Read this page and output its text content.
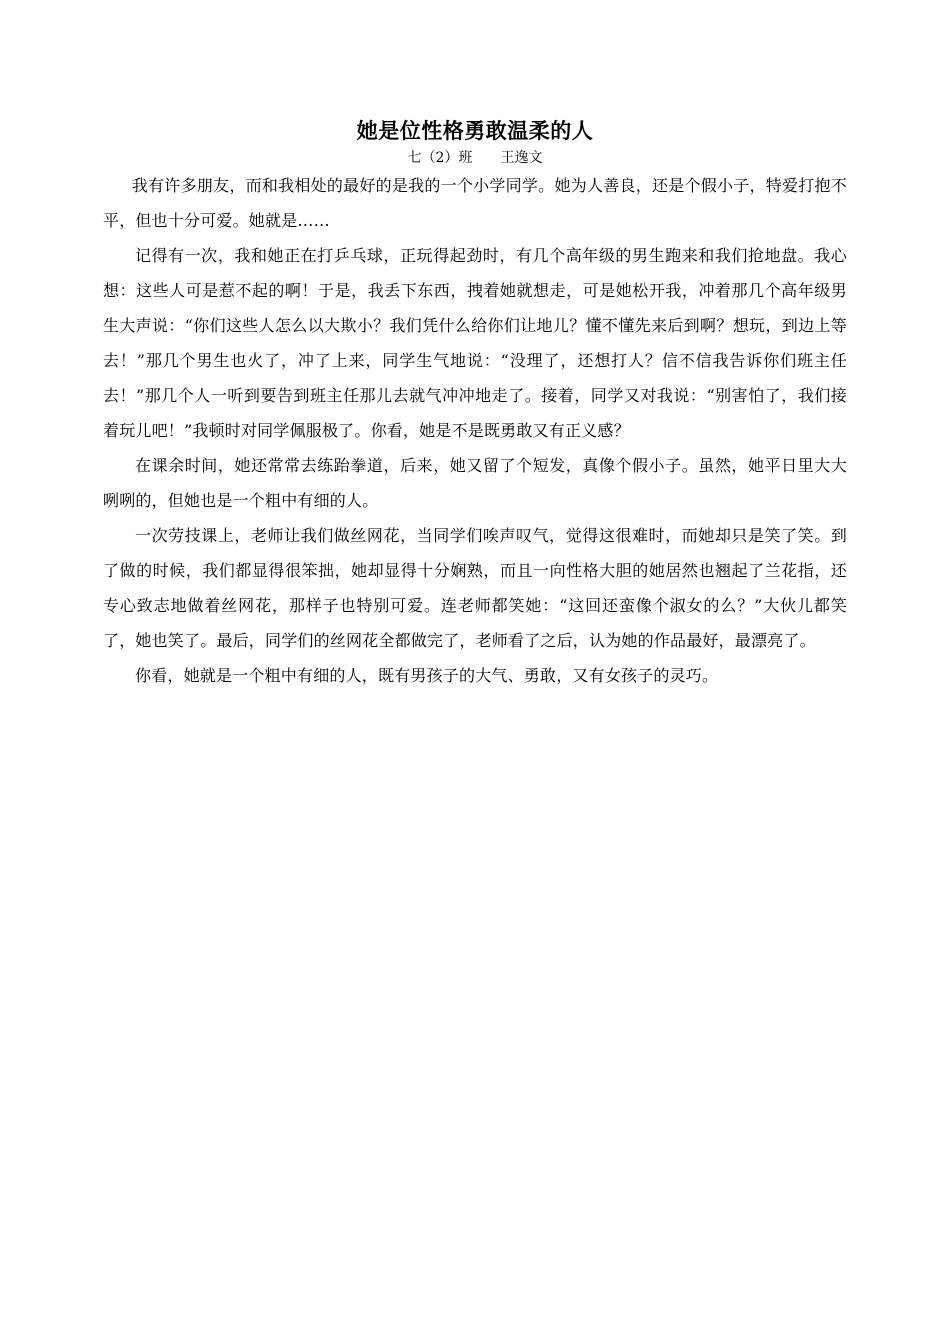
她是位性格勇敢温柔的人
七（2）班 王逸文

我有许多朋友，而和我相处的最好的是我的一个小学同学。她为人善良，还是个假小子，特爱打抱不平，但也十分可爱。她就是……

记得有一次，我和她正在打乒乓球，正玩得起劲时，有几个高年级的男生跑来和我们抢地盘。我心想：这些人可是惹不起的啊！于是，我丢下东西，拽着她就想走，可是她松开我，冲着那几个高年级男生大声说：“你们这些人怎么以大欺小？我们凭什么给你们让地儿？懂不懂先来后到啊？想玩，到边上等去！”那几个男生也火了，冲了上来，同学生气地说：“没理了，还想打人？信不信我告诉你们班主任去！”那几个人一听到要告到班主任那儿去就气冲冲地走了。接着，同学又对我说：“别害怕了，我们接着玩儿吧！”我顿时对同学佩服极了。你看，她是不是既勇敢又有正义感？

在课余时间，她还常常去练跆拳道，后来，她又留了个短发，真像个假小子。虽然，她平日里大大咧咧的，但她也是一个粗中有细的人。

一次劳技课上，老师让我们做丝网花，当同学们唉声叹气，觉得这很难时，而她却只是笑了笑。到了做的时候，我们都显得很笨拙，她却显得十分娴熟，而且一向性格大胆的她居然也翘起了兰花指，还专心致志地做着丝网花，那样子也特别可爱。连老师都笑她：“这回还蛮像个淑女的么？”大伙儿都笑了，她也笑了。最后，同学们的丝网花全都做完了，老师看了之后，认为她的作品最好，最漂亮了。

你看，她就是一个粗中有细的人，既有男孩子的大气、勇敢，又有女孩子的灵巧。
